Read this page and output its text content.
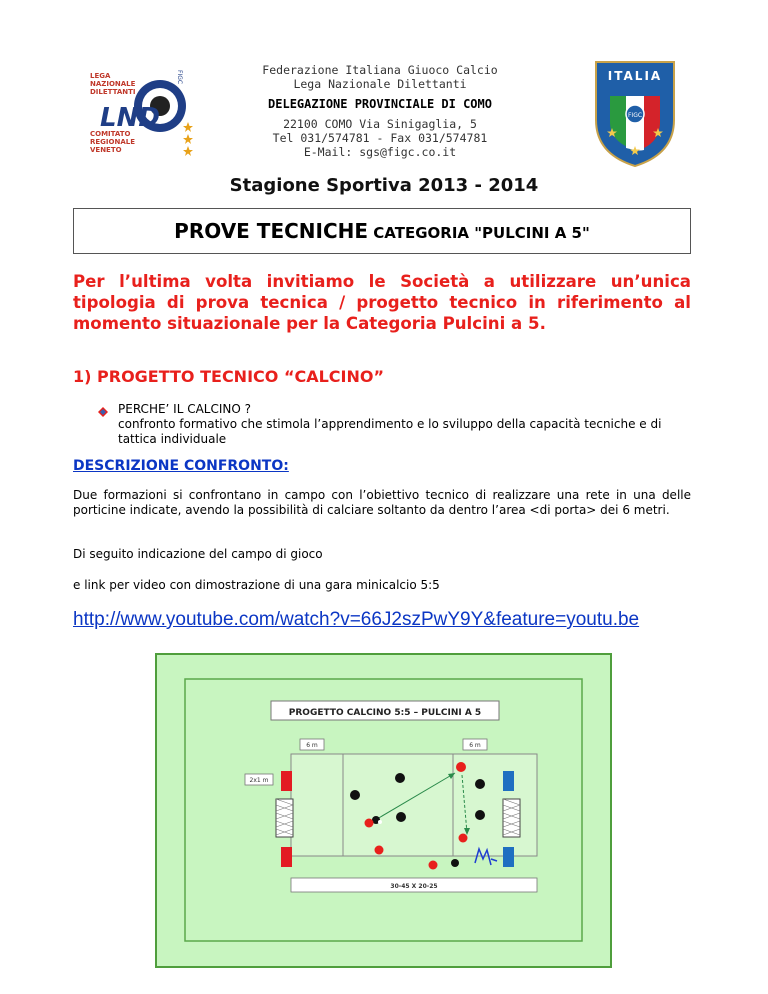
LND
LEGA
NAZIONALE
DILETTANTI
COMITATO
REGIONALE
VENETO
FIGC	Federazione Italiana Giuoco Calcio
Lega Nazionale Dilettanti
DELEGAZIONE PROVINCIALE DI COMO
22100 COMO Via Sinigaglia, 5
Tel 031/574781 - Fax 031/574781
E-Mail: sgs@figc.co.it
FIGC
ITALIA
Stagione Sportiva 2013 - 2014
PROVE TECNICHE CATEGORIA "PULCINI A 5"
Per l’ultima volta invitiamo le Società a utilizzare un’unica tipologia di prova tecnica / progetto tecnico in riferimento al momento situazionale per la Categoria Pulcini a 5.
1) PROGETTO TECNICO “CALCINO”
PERCHE’ IL CALCINO ?
confronto formativo che stimola l’apprendimento e lo sviluppo della capacità tecniche e di tattica individuale
DESCRIZIONE CONFRONTO:
Due formazioni si confrontano in campo con l’obiettivo tecnico di realizzare una rete in una delle porticine indicate, avendo la possibilità di calciare soltanto da dentro l’area <di porta> dei 6 metri.
Di seguito indicazione del campo di gioco
e link per video con dimostrazione di una gara minicalcio 5:5
http://www.youtube.com/watch?v=66J2szPwY9Y&feature=youtu.be
PROGETTO CALCINO 5:5 – PULCINI A 5
6 m	6 m
2x1 m
30-45 X 20-25
